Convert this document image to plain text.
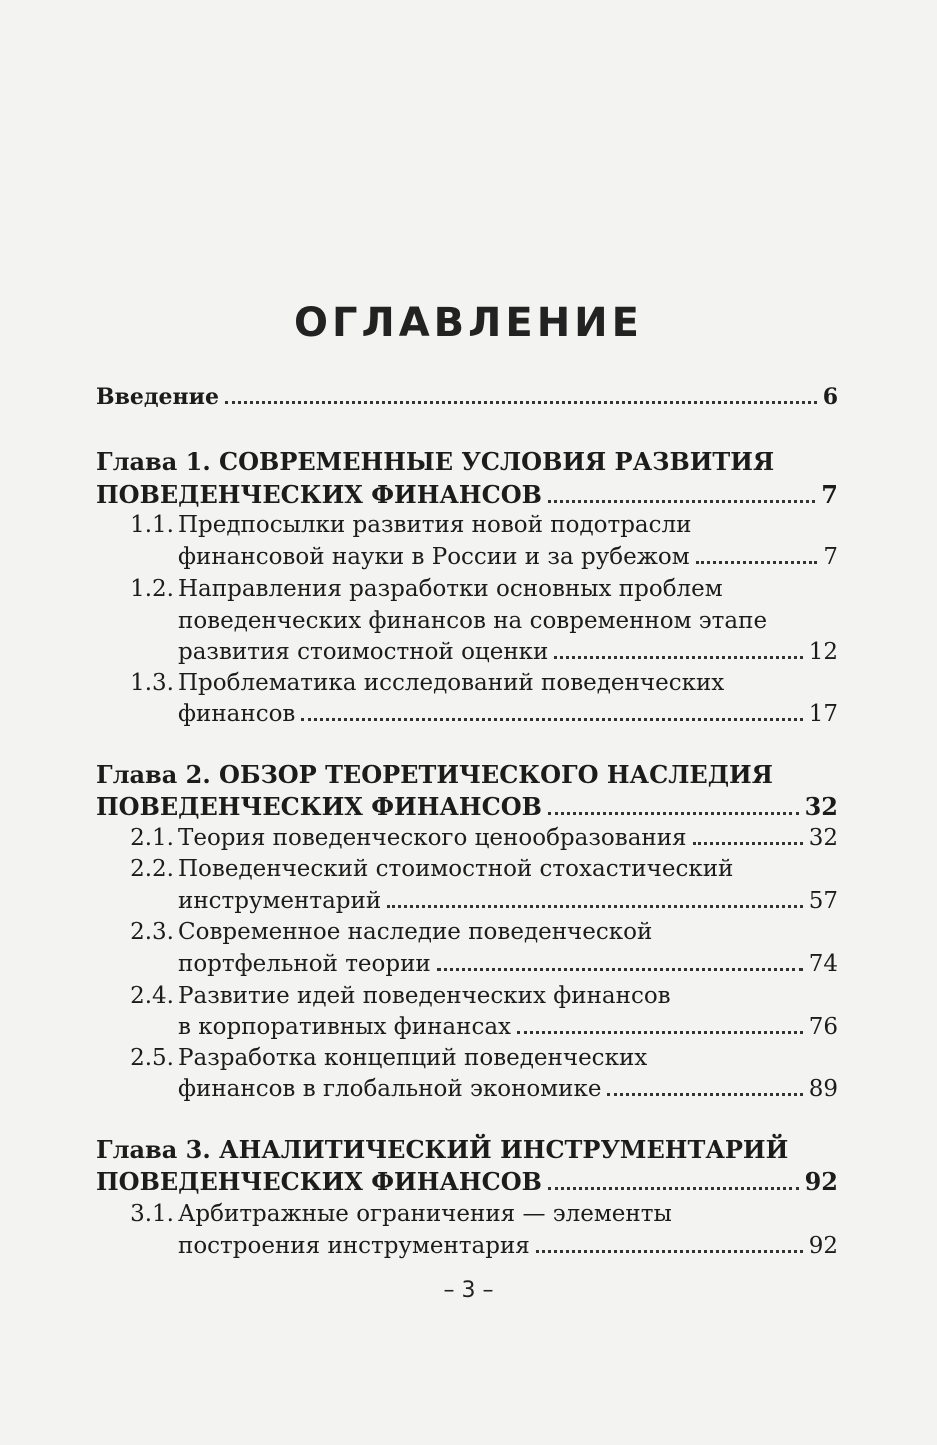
ОГЛАВЛЕНИЕ
Введение	6
Глава 1. СОВРЕМЕННЫЕ УСЛОВИЯ РАЗВИТИЯ
ПОВЕДЕНЧЕСКИХ ФИНАНСОВ	7
1.1. Предпосылки развития новой подотрасли
финансовой науки в России и за рубежом	7
1.2. Направления разработки основных проблем
поведенческих финансов на современном этапе
развития стоимостной оценки	12
1.3. Проблематика исследований поведенческих
финансов	17
Глава 2. ОБЗОР ТЕОРЕТИЧЕСКОГО НАСЛЕДИЯ
ПОВЕДЕНЧЕСКИХ ФИНАНСОВ	32
2.1. Теория поведенческого ценообразования	32
2.2. Поведенческий стоимостной стохастический
инструментарий	57
2.3. Современное наследие поведенческой
портфельной теории	74
2.4. Развитие идей поведенческих финансов
в корпоративных финансах	76
2.5. Разработка концепций поведенческих
финансов в глобальной экономике	89
Глава 3. АНАЛИТИЧЕСКИЙ ИНСТРУМЕНТАРИЙ
ПОВЕДЕНЧЕСКИХ ФИНАНСОВ	92
3.1. Арбитражные ограничения — элементы
построения инструментария	92
– 3 –
